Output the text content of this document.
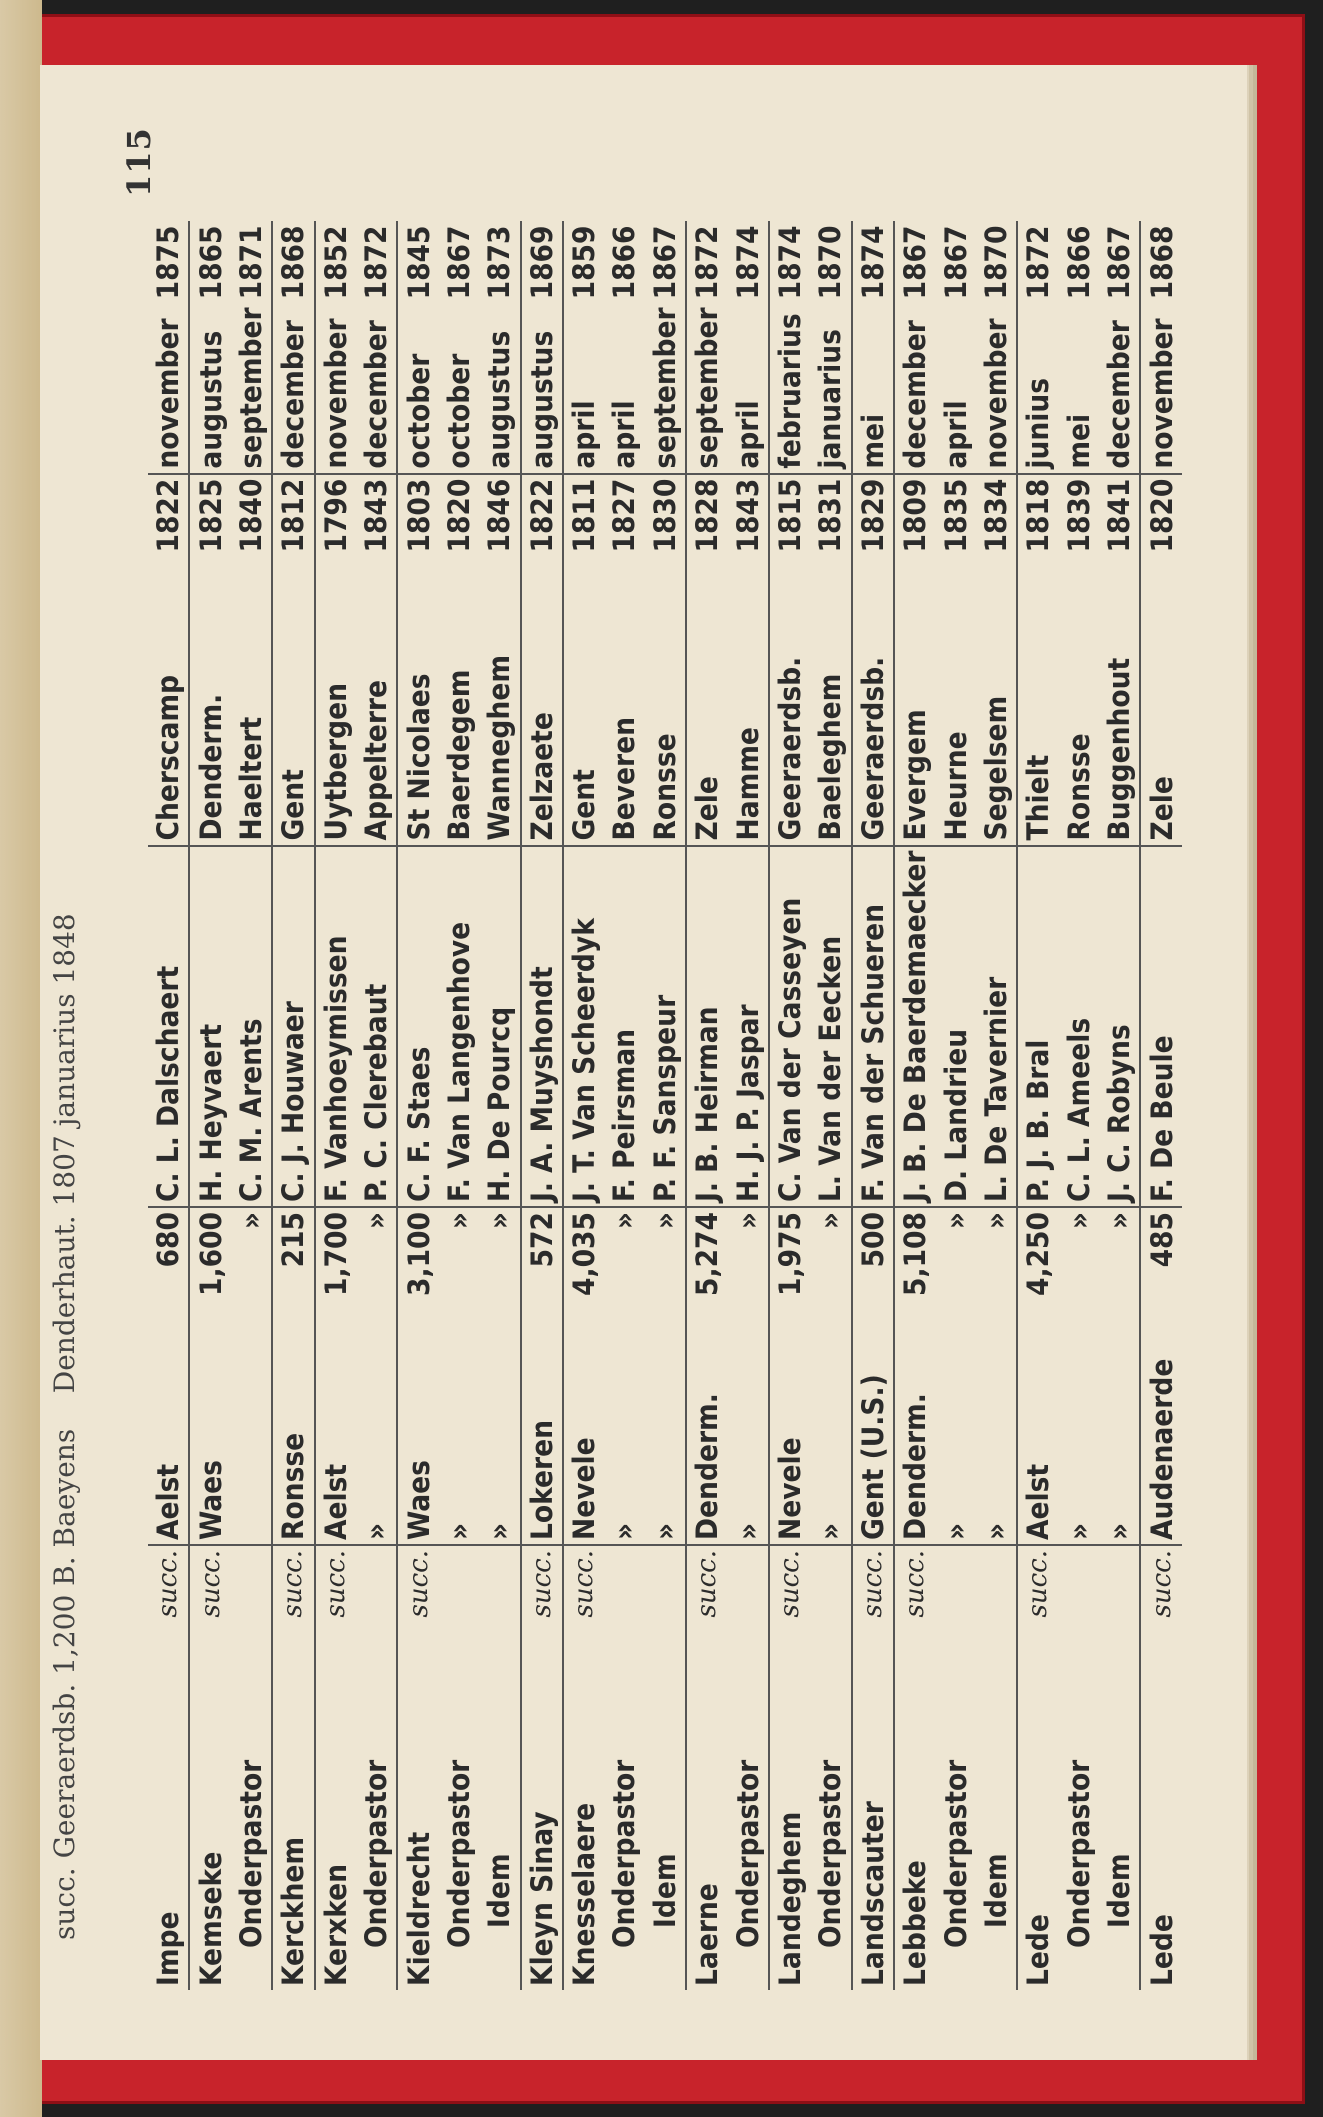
succ. Geeraerdsb. 1,200 B. Baeyens    Denderhaut. 1807 januarius 1848
115
Impe	succ.	Aelst	680	C. L. Dalschaert	Cherscamp	1822	november	1875
Kemseke	succ.	Waes	1,600	H. Heyvaert	Denderm.	1825	augustus	1865
Onderpastor			»	C. M. Arents	Haeltert	1840	september	1871
Kerckhem	succ.	Ronsse	215	C. J. Houwaer	Gent	1812	december	1868
Kerxken	succ.	Aelst	1,700	F. Vanhoeymissen	Uytbergen	1796	november	1852
Onderpastor		»	»	P. C. Clerebaut	Appelterre	1843	december	1872
Kieldrecht	succ.	Waes	3,100	C. F. Staes	St Nicolaes	1803	october	1845
Onderpastor		»	»	F. Van Langenhove	Baerdegem	1820	october	1867
Idem		»	»	H. De Pourcq	Wanneghem	1846	augustus	1873
Kleyn Sinay	succ.	Lokeren	572	J. A. Muyshondt	Zelzaete	1822	augustus	1869
Knesselaere	succ.	Nevele	4,035	J. T. Van Scheerdyk	Gent	1811	april	1859
Onderpastor		»	»	F. Peirsman	Beveren	1827	april	1866
Idem		»	»	P. F. Sanspeur	Ronsse	1830	september	1867
Laerne	succ.	Denderm.	5,274	J. B. Heirman	Zele	1828	september	1872
Onderpastor		»	»	H. J. P. Jaspar	Hamme	1843	april	1874
Landeghem	succ.	Nevele	1,975	C. Van der Casseyen	Geeraerdsb.	1815	februarius	1874
Onderpastor		»	»	L. Van der Eecken	Baeleghem	1831	januarius	1870
Landscauter	succ.	Gent (U.S.)	500	F. Van der Schueren	Geeraerdsb.	1829	mei	1874
Lebbeke	succ.	Denderm.	5,108	J. B. De Baerdemaecker	Evergem	1809	december	1867
Onderpastor		»	»	D. Landrieu	Heurne	1835	april	1867
Idem		»	»	L. De Tavernier	Segelsem	1834	november	1870
Lede	succ.	Aelst	4,250	P. J. B. Bral	Thielt	1818	junius	1872
Onderpastor		»	»	C. L. Ameels	Ronsse	1839	mei	1866
Idem		»	»	J. C. Robyns	Buggenhout	1841	december	1867
Lede	succ.	Audenaerde	485	F. De Beule	Zele	1820	november	1868
